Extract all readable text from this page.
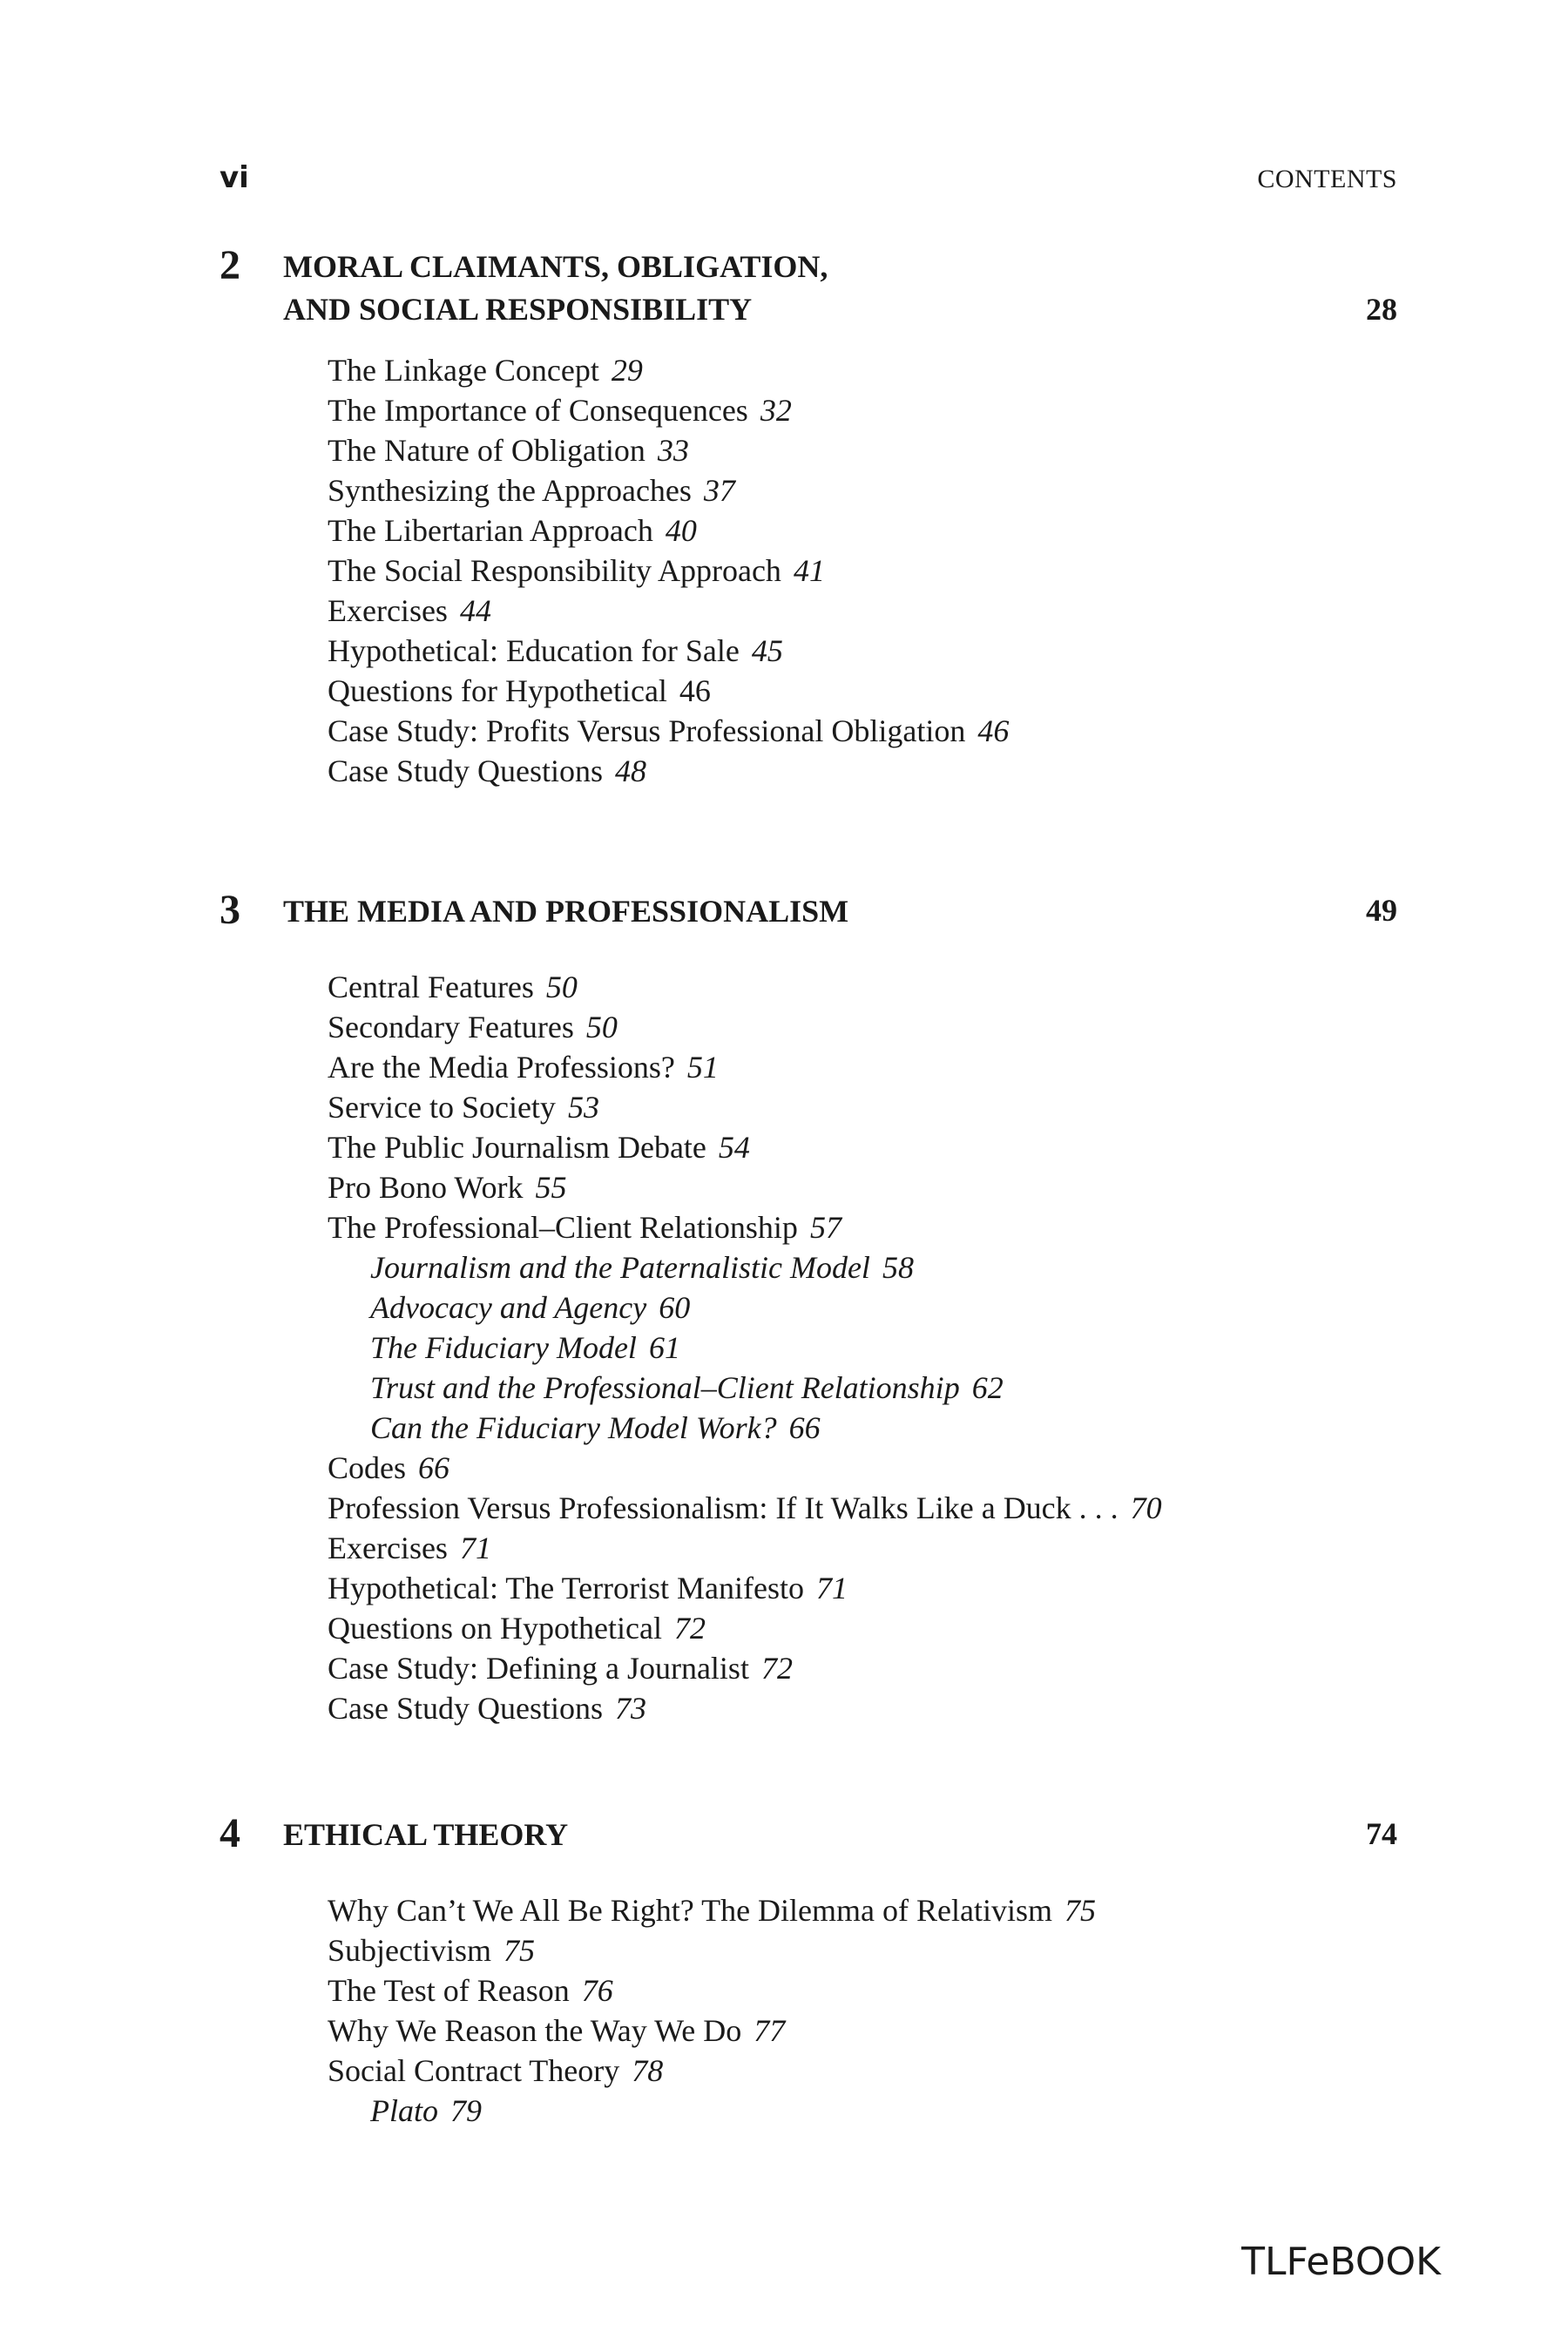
vi	CONTENTS
2 MORAL CLAIMANTS, OBLIGATION,
AND SOCIAL RESPONSIBILITY	28
The Linkage Concept 29
The Importance of Consequences 32
The Nature of Obligation 33
Synthesizing the Approaches 37
The Libertarian Approach 40
The Social Responsibility Approach 41
Exercises 44
Hypothetical: Education for Sale 45
Questions for Hypothetical 46
Case Study: Profits Versus Professional Obligation 46
Case Study Questions 48
3 THE MEDIA AND PROFESSIONALISM	49
Central Features 50
Secondary Features 50
Are the Media Professions? 51
Service to Society 53
The Public Journalism Debate 54
Pro Bono Work 55
The Professional–Client Relationship 57
Journalism and the Paternalistic Model 58
Advocacy and Agency 60
The Fiduciary Model 61
Trust and the Professional–Client Relationship 62
Can the Fiduciary Model Work? 66
Codes 66
Profession Versus Professionalism: If It Walks Like a Duck . . . 70
Exercises 71
Hypothetical: The Terrorist Manifesto 71
Questions on Hypothetical 72
Case Study: Defining a Journalist 72
Case Study Questions 73
4 ETHICAL THEORY	74
Why Can’t We All Be Right? The Dilemma of Relativism 75
Subjectivism 75
The Test of Reason 76
Why We Reason the Way We Do 77
Social Contract Theory 78
Plato 79
TLFeBOOK
